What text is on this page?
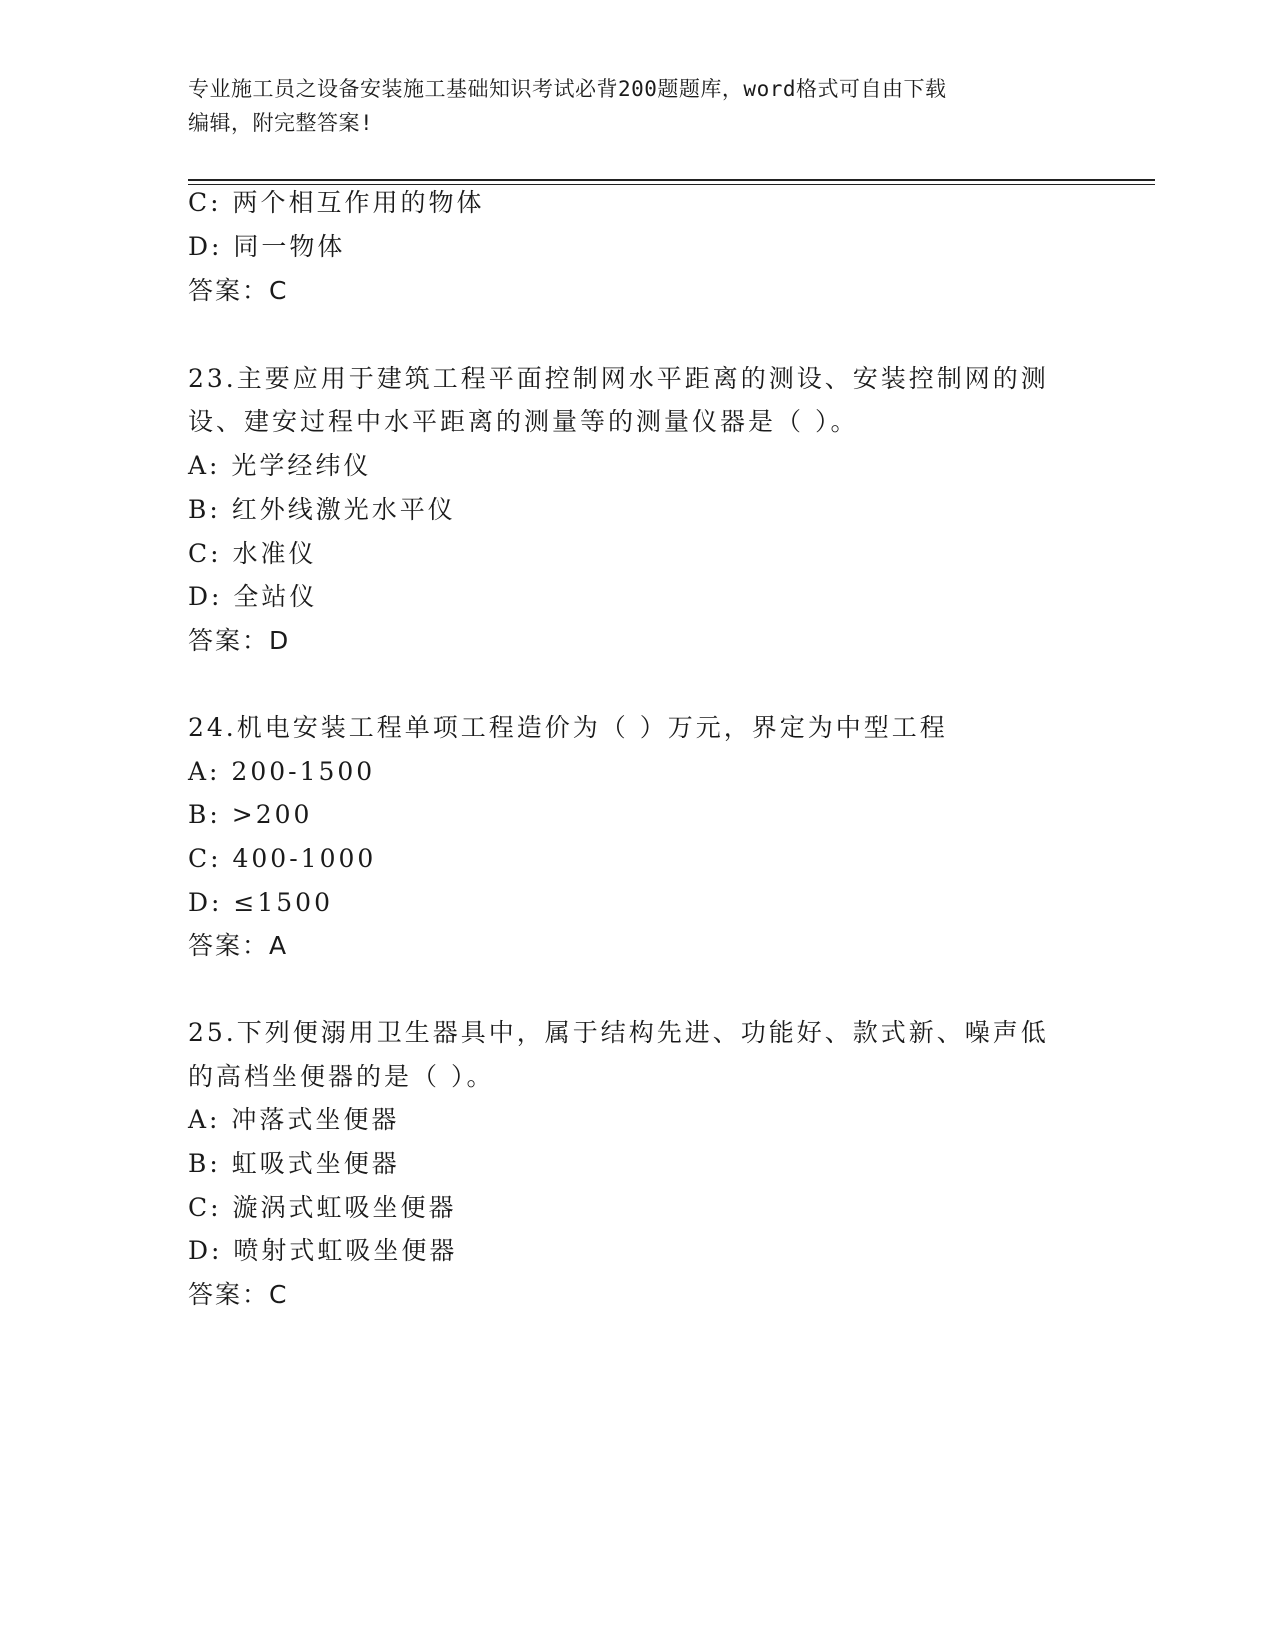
专业施工员之设备安装施工基础知识考试必背200题题库，word格式可自由下载
编辑，附完整答案!
C: 两个相互作用的物体
D: 同一物体
答案：C
23.主要应用于建筑工程平面控制网水平距离的测设、安装控制网的测
设、建安过程中水平距离的测量等的测量仪器是（ ）。
A: 光学经纬仪
B: 红外线激光水平仪
C: 水准仪
D: 全站仪
答案：D
24.机电安装工程单项工程造价为（ ）万元，界定为中型工程
A: 200-1500
B: >200
C: 400-1000
D: ≤1500
答案：A
25.下列便溺用卫生器具中，属于结构先进、功能好、款式新、噪声低
的高档坐便器的是（ ）。
A: 冲落式坐便器
B: 虹吸式坐便器
C: 漩涡式虹吸坐便器
D: 喷射式虹吸坐便器
答案：C
